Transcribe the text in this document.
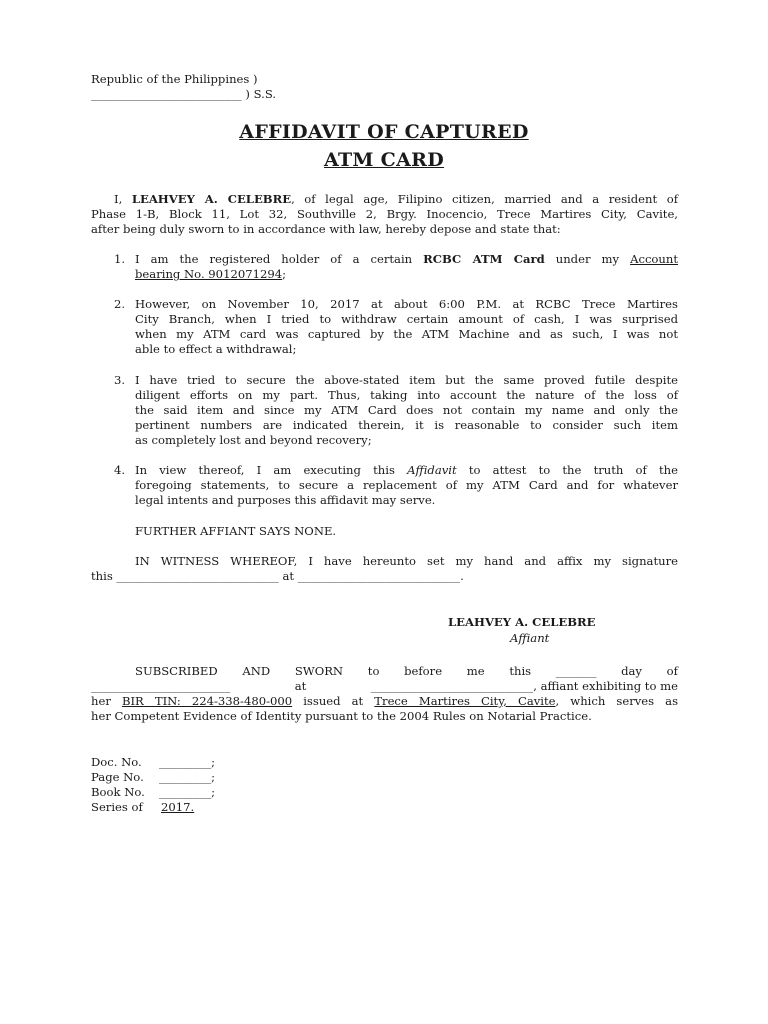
Republic of the Philippines )
__________________________ ) S.S.
AFFIDAVIT OF CAPTURED
ATM CARD
I, LEAHVEY A. CELEBRE, of legal age, Filipino citizen, married and a resident of
Phase 1-B, Block 11, Lot 32, Southville 2, Brgy. Inocencio, Trece Martires City, Cavite,
after being duly sworn to in accordance with law, hereby depose and state that:
1. I am the registered holder of a certain RCBC ATM Card under my Account
bearing No. 9012071294;
2. However, on November 10, 2017 at about 6:00 P.M. at RCBC Trece Martires
City Branch, when I tried to withdraw certain amount of cash, I was surprised
when my ATM card was captured by the ATM Machine and as such, I was not
able to effect a withdrawal;
3. I have tried to secure the above-stated item but the same proved futile despite
diligent efforts on my part. Thus, taking into account the nature of the loss of
the said item and since my ATM Card does not contain my name and only the
pertinent numbers are indicated therein, it is reasonable to consider such item
as completely lost and beyond recovery;
4. In view thereof, I am executing this Affidavit to attest to the truth of the
foregoing statements, to secure a replacement of my ATM Card and for whatever
legal intents and purposes this affidavit may serve.
FURTHER AFFIANT SAYS NONE.
IN WITNESS WHEREOF, I have hereunto set my hand and affix my signature
this ____________________________ at ____________________________.
LEAHVEY A. CELEBRE
Affiant
SUBSCRIBED AND SWORN to before me this _______ day of
________________________	at	____________________________, affiant exhibiting to me
her BIR TIN: 224-338-480-000 issued at Trece Martires City, Cavite, which serves as
her Competent Evidence of Identity pursuant to the 2004 Rules on Notarial Practice.
Doc. No. _________;
Page No. _________;
Book No. _________;
Series of 2017.
